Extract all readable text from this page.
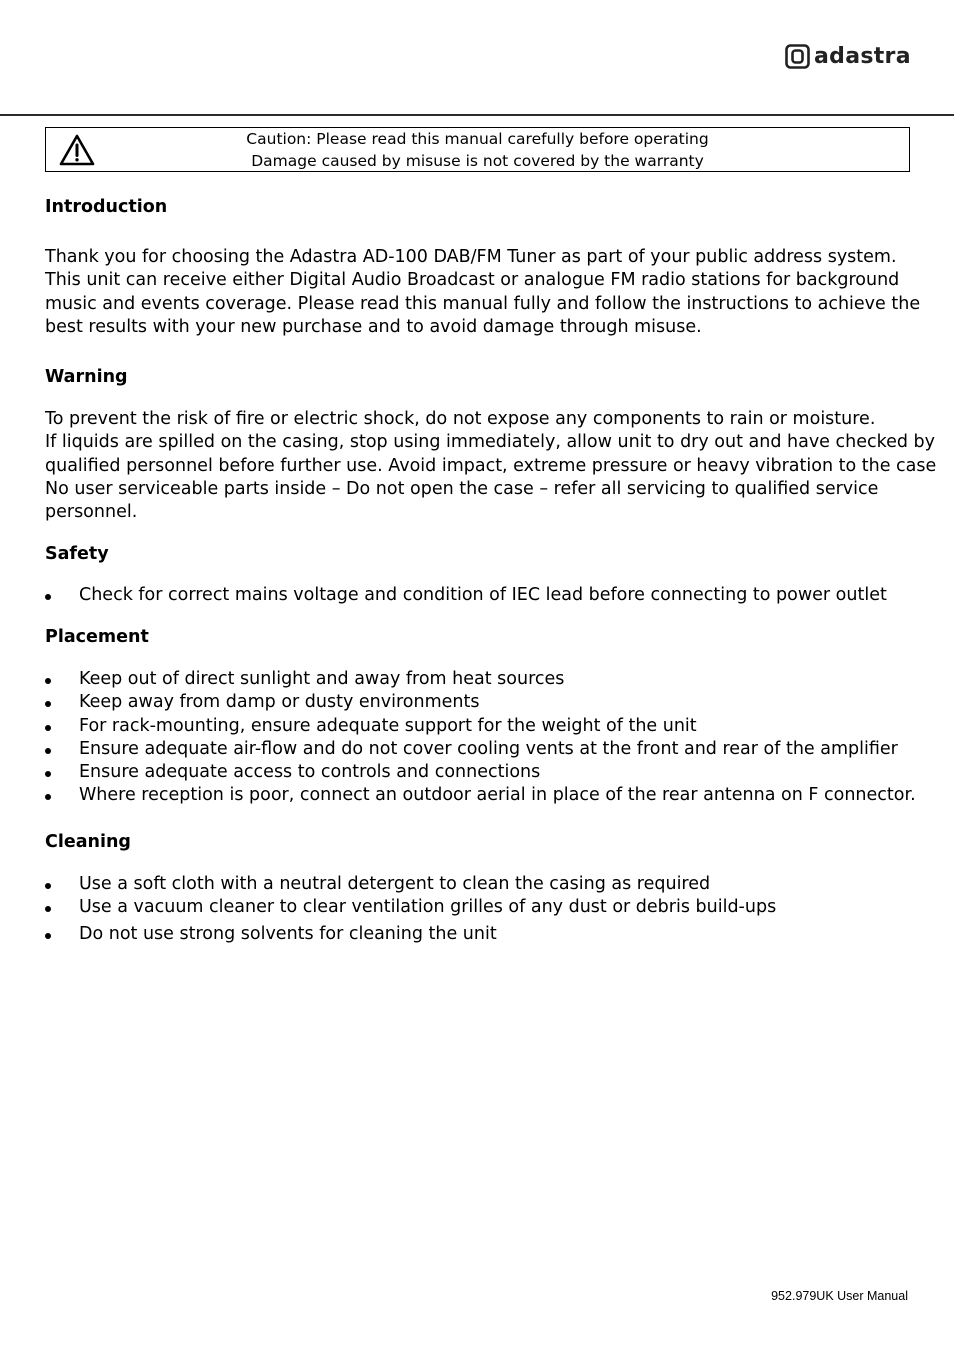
adastra
Caution: Please read this manual carefully before operating
Damage caused by misuse is not covered by the warranty
Introduction

Thank you for choosing the Adastra AD-100 DAB/FM Tuner as part of your public address system.
This unit can receive either Digital Audio Broadcast or analogue FM radio stations for background
music and events coverage. Please read this manual fully and follow the instructions to achieve the
best results with your new purchase and to avoid damage through misuse.

Warning

To prevent the risk of fire or electric shock, do not expose any components to rain or moisture.
If liquids are spilled on the casing, stop using immediately, allow unit to dry out and have checked by
qualified personnel before further use. Avoid impact, extreme pressure or heavy vibration to the case
No user serviceable parts inside – Do not open the case – refer all servicing to qualified service
personnel.

Safety
Check for correct mains voltage and condition of IEC lead before connecting to power outlet
Placement
Keep out of direct sunlight and away from heat sources
Keep away from damp or dusty environments
For rack-mounting, ensure adequate support for the weight of the unit
Ensure adequate air-flow and do not cover cooling vents at the front and rear of the amplifier
Ensure adequate access to controls and connections
Where reception is poor, connect an outdoor aerial in place of the rear antenna on F connector.
Cleaning
Use a soft cloth with a neutral detergent to clean the casing as required
Use a vacuum cleaner to clear ventilation grilles of any dust or debris build-ups
Do not use strong solvents for cleaning the unit
952.979UK User Manual
